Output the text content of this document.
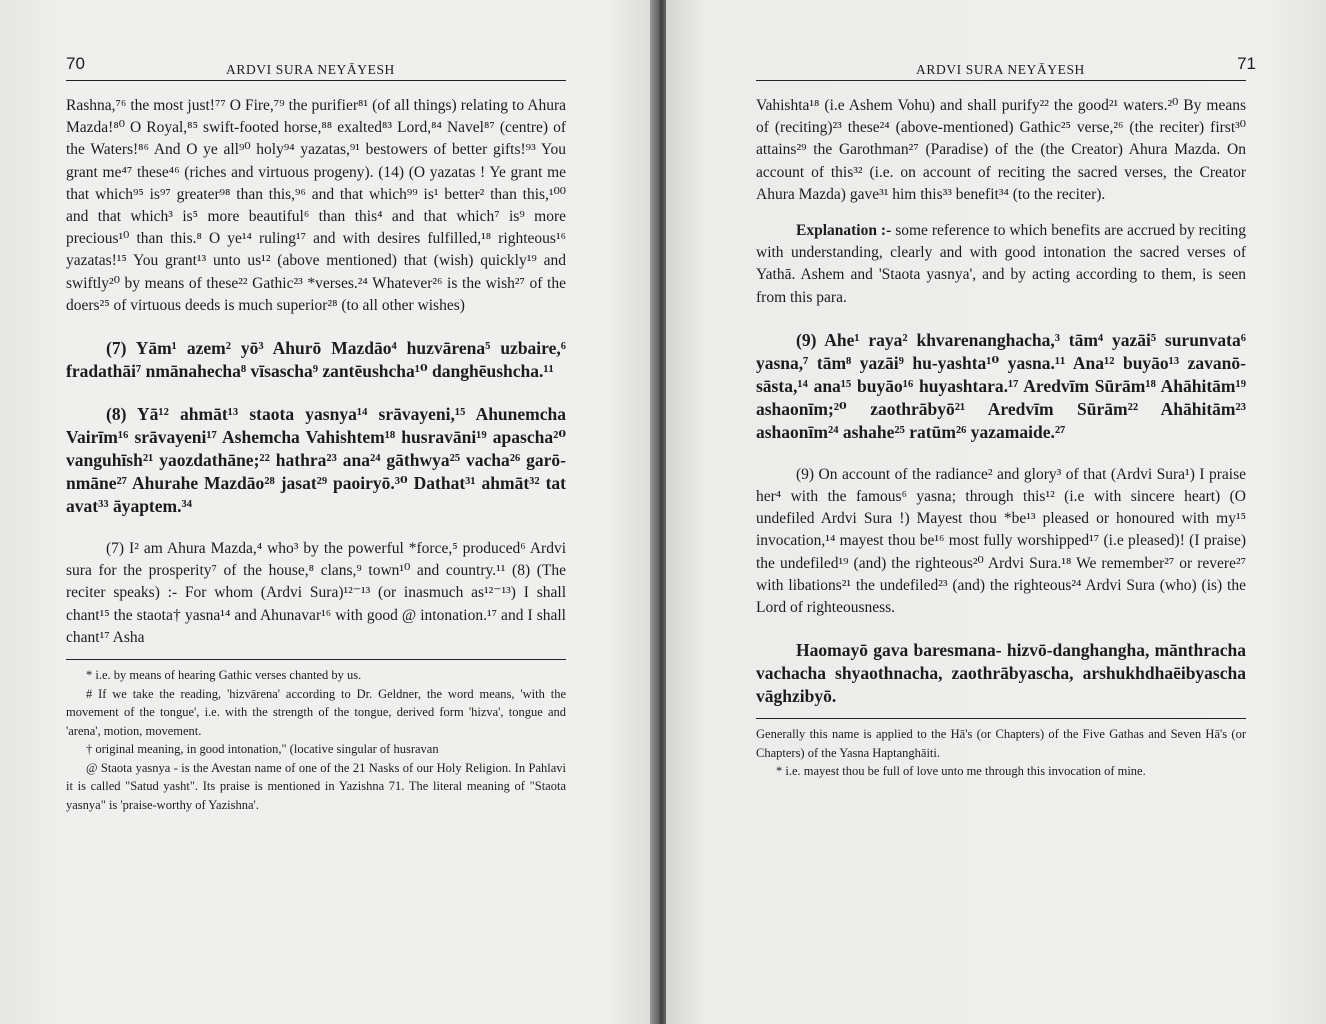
70	ARDVI SURA NEYĀYESH

Rashna,⁷⁶ the most just!⁷⁷ O Fire,⁷⁹ the purifier⁸¹ (of all things) relating to Ahura Mazda!⁸⁰ O Royal,⁸⁵ swift-footed horse,⁸⁸ exalted⁸³ Lord,⁸⁴ Navel⁸⁷ (centre) of the Waters!⁸⁶ And O ye all⁹⁰ holy⁹⁴ yazatas,⁹¹ bestowers of better gifts!⁹³ You grant me⁴⁷ these⁴⁶ (riches and virtuous progeny). (14) (O yazatas ! Ye grant me that which⁹⁵ is⁹⁷ greater⁹⁸ than this,⁹⁶ and that which⁹⁹ is¹ better² than this,¹⁰⁰ and that which³ is⁵ more beautiful⁶ than this⁴ and that which⁷ is⁹ more precious¹⁰ than this.⁸ O ye¹⁴ ruling¹⁷ and with desires fulfilled,¹⁸ righteous¹⁶ yazatas!¹⁵ You grant¹³ unto us¹² (above mentioned) that (wish) quickly¹⁹ and swiftly²⁰ by means of these²² Gathic²³ *verses.²⁴ Whatever²⁶ is the wish²⁷ of the doers²⁵ of virtuous deeds is much superior²⁸ (to all other wishes)

(7) Yām¹ azem² yō³ Ahurō Mazdāo⁴ huzvārena⁵ uzbaire,⁶ fradathāi⁷ nmānahecha⁸ vīsascha⁹ zantēushcha¹⁰ danghēushcha.¹¹

(8) Yā¹² ahmāt¹³ staota yasnya¹⁴ srāvayeni,¹⁵ Ahunemcha Vairīm¹⁶ srāvayeni¹⁷ Ashemcha Vahishtem¹⁸ husravāni¹⁹ apascha²⁰ vanguhīsh²¹ yaozdathāne;²² hathra²³ ana²⁴ gāthwya²⁵ vacha²⁶ garō-nmāne²⁷ Ahurahe Mazdāo²⁸ jasat²⁹ paoiryō.³⁰ Dathat³¹ ahmāt³² tat avat³³ āyaptem.³⁴

(7) I² am Ahura Mazda,⁴ who³ by the powerful *force,⁵ produced⁶ Ardvi sura for the prosperity⁷ of the house,⁸ clans,⁹ town¹⁰ and country.¹¹ (8) (The reciter speaks) :- For whom (Ardvi Sura)¹²⁻¹³ (or inasmuch as¹²⁻¹³) I shall chant¹⁵ the staota† yasna¹⁴ and Ahunavar¹⁶ with good @ intonation.¹⁷ and I shall chant¹⁷ Asha

* i.e. by means of hearing Gathic verses chanted by us.

# If we take the reading, 'hizvārena' according to Dr. Geldner, the word means, 'with the movement of the tongue', i.e. with the strength of the tongue, derived form 'hizva', tongue and 'arena', motion, movement.

† original meaning, in good intonation," (locative singular of husravan

@ Staota yasnya - is the Avestan name of one of the 21 Nasks of our Holy Religion. In Pahlavi it is called "Satud yasht". Its praise is mentioned in Yazishna 71. The literal meaning of "Staota yasnya" is 'praise-worthy of Yazishna'.

ARDVI SURA NEYĀYESH	71

Vahishta¹⁸ (i.e Ashem Vohu) and shall purify²² the good²¹ waters.²⁰ By means of (reciting)²³ these²⁴ (above-mentioned) Gathic²⁵ verse,²⁶ (the reciter) first³⁰ attains²⁹ the Garothman²⁷ (Paradise) of the (the Creator) Ahura Mazda. On account of this³² (i.e. on account of reciting the sacred verses, the Creator Ahura Mazda) gave³¹ him this³³ benefit³⁴ (to the reciter).

Explanation :- some reference to which benefits are accrued by reciting with understanding, clearly and with good intonation the sacred verses of Yathā. Ashem and 'Staota yasnya', and by acting according to them, is seen from this para.

(9) Ahe¹ raya² khvarenanghacha,³ tām⁴ yazāi⁵ surunvata⁶ yasna,⁷ tām⁸ yazāi⁹ hu-yashta¹⁰ yasna.¹¹ Ana¹² buyāo¹³ zavanō-sāsta,¹⁴ ana¹⁵ buyāo¹⁶ huyashtara.¹⁷ Aredvīm Sūrām¹⁸ Ahāhitām¹⁹ ashaonīm;²⁰ zaothrābyō²¹ Aredvīm Sūrām²² Ahāhitām²³ ashaonīm²⁴ ashahe²⁵ ratūm²⁶ yazamaide.²⁷

(9) On account of the radiance² and glory³ of that (Ardvi Sura¹) I praise her⁴ with the famous⁶ yasna; through this¹² (i.e with sincere heart) (O undefiled Ardvi Sura !) Mayest thou *be¹³ pleased or honoured with my¹⁵ invocation,¹⁴ mayest thou be¹⁶ most fully worshipped¹⁷ (i.e pleased)! (I praise) the undefiled¹⁹ (and) the righteous²⁰ Ardvi Sura.¹⁸ We remember²⁷ or revere²⁷ with libations²¹ the undefiled²³ (and) the righteous²⁴ Ardvi Sura (who) (is) the Lord of righteousness.

Haomayō gava baresmana- hizvō-danghangha, mānthracha vachacha shyaothnacha, zaothrābyascha, arshukhdhaēibyascha vāghzibyō.

Generally this name is applied to the Hā's (or Chapters) of the Five Gathas and Seven Hā's (or Chapters) of the Yasna Haptanghāiti.

* i.e. mayest thou be full of love unto me through this invocation of mine.
